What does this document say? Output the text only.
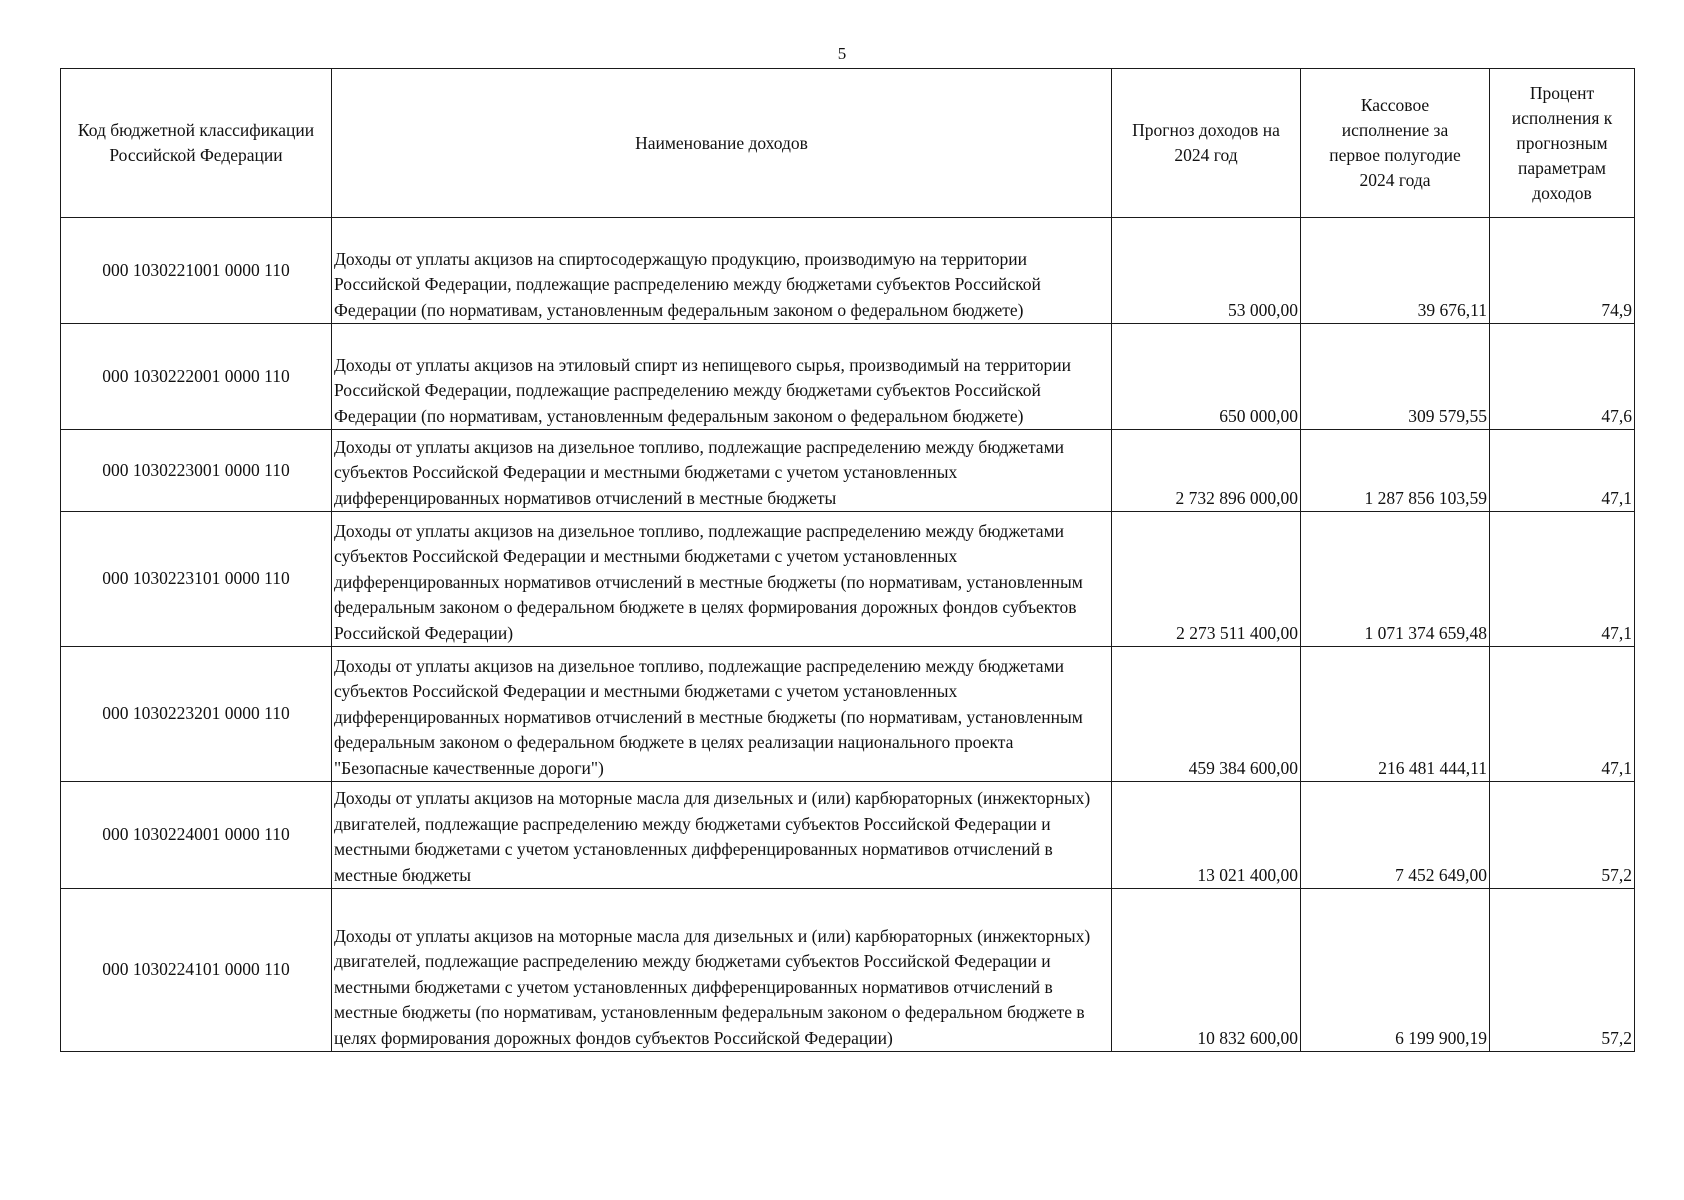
5
Код бюджетной классификации Российской Федерации	Наименование доходов	Прогноз доходов на 2024 год	Кассовое исполнение за первое полугодие 2024 года	Процент исполнения к прогнозным параметрам доходов
000 1030221001 0000 110	Доходы от уплаты акцизов на спиртосодержащую продукцию, производимую на территории Российской Федерации, подлежащие распределению между бюджетами субъектов Российской Федерации (по нормативам, установленным федеральным законом о федеральном бюджете)	53 000,00	39 676,11	74,9
000 1030222001 0000 110	Доходы от уплаты акцизов на этиловый спирт из непищевого сырья, производимый на территории Российской Федерации, подлежащие распределению между бюджетами субъектов Российской Федерации (по нормативам, установленным федеральным законом о федеральном бюджете)	650 000,00	309 579,55	47,6
000 1030223001 0000 110	Доходы от уплаты акцизов на дизельное топливо, подлежащие распределению между бюджетами субъектов Российской Федерации и местными бюджетами с учетом установленных дифференцированных нормативов отчислений в местные бюджеты	2 732 896 000,00	1 287 856 103,59	47,1
000 1030223101 0000 110	Доходы от уплаты акцизов на дизельное топливо, подлежащие распределению между бюджетами субъектов Российской Федерации и местными бюджетами с учетом установленных дифференцированных нормативов отчислений в местные бюджеты (по нормативам, установленным федеральным законом о федеральном бюджете в целях формирования дорожных фондов субъектов Российской Федерации)	2 273 511 400,00	1 071 374 659,48	47,1
000 1030223201 0000 110	Доходы от уплаты акцизов на дизельное топливо, подлежащие распределению между бюджетами субъектов Российской Федерации и местными бюджетами с учетом установленных дифференцированных нормативов отчислений в местные бюджеты (по нормативам, установленным федеральным законом о федеральном бюджете в целях реализации национального проекта "Безопасные качественные дороги")	459 384 600,00	216 481 444,11	47,1
000 1030224001 0000 110	Доходы от уплаты акцизов на моторные масла для дизельных и (или) карбюраторных (инжекторных) двигателей, подлежащие распределению между бюджетами субъектов Российской Федерации и местными бюджетами с учетом установленных дифференцированных нормативов отчислений в местные бюджеты	13 021 400,00	7 452 649,00	57,2
000 1030224101 0000 110	Доходы от уплаты акцизов на моторные масла для дизельных и (или) карбюраторных (инжекторных) двигателей, подлежащие распределению между бюджетами субъектов Российской Федерации и местными бюджетами с учетом установленных дифференцированных нормативов отчислений в местные бюджеты (по нормативам, установленным федеральным законом о федеральном бюджете в целях формирования дорожных фондов субъектов Российской Федерации)	10 832 600,00	6 199 900,19	57,2
